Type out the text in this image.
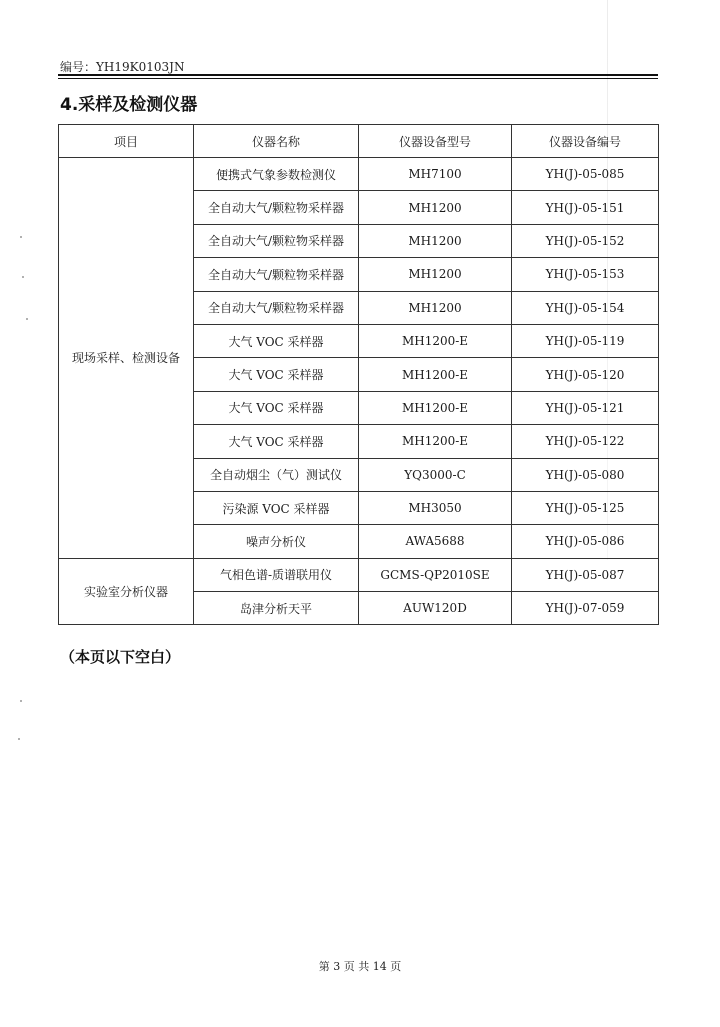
编号：YH19K0103JN
4.采样及检测仪器
项目	仪器名称	仪器设备型号	仪器设备编号
现场采样、检测设备	便携式气象参数检测仪	MH7100	YH(J)-05-085
	全自动大气/颗粒物采样器	MH1200	YH(J)-05-151
	全自动大气/颗粒物采样器	MH1200	YH(J)-05-152
	全自动大气/颗粒物采样器	MH1200	YH(J)-05-153
	全自动大气/颗粒物采样器	MH1200	YH(J)-05-154
	大气 VOC 采样器	MH1200-E	YH(J)-05-119
	大气 VOC 采样器	MH1200-E	YH(J)-05-120
	大气 VOC 采样器	MH1200-E	YH(J)-05-121
	大气 VOC 采样器	MH1200-E	YH(J)-05-122
	全自动烟尘（气）测试仪	YQ3000-C	YH(J)-05-080
	污染源 VOC 采样器	MH3050	YH(J)-05-125
	噪声分析仪	AWA5688	YH(J)-05-086
实验室分析仪器	气相色谱-质谱联用仪	GCMS-QP2010SE	YH(J)-05-087
	岛津分析天平	AUW120D	YH(J)-07-059
（本页以下空白）
第 3 页 共 14 页
